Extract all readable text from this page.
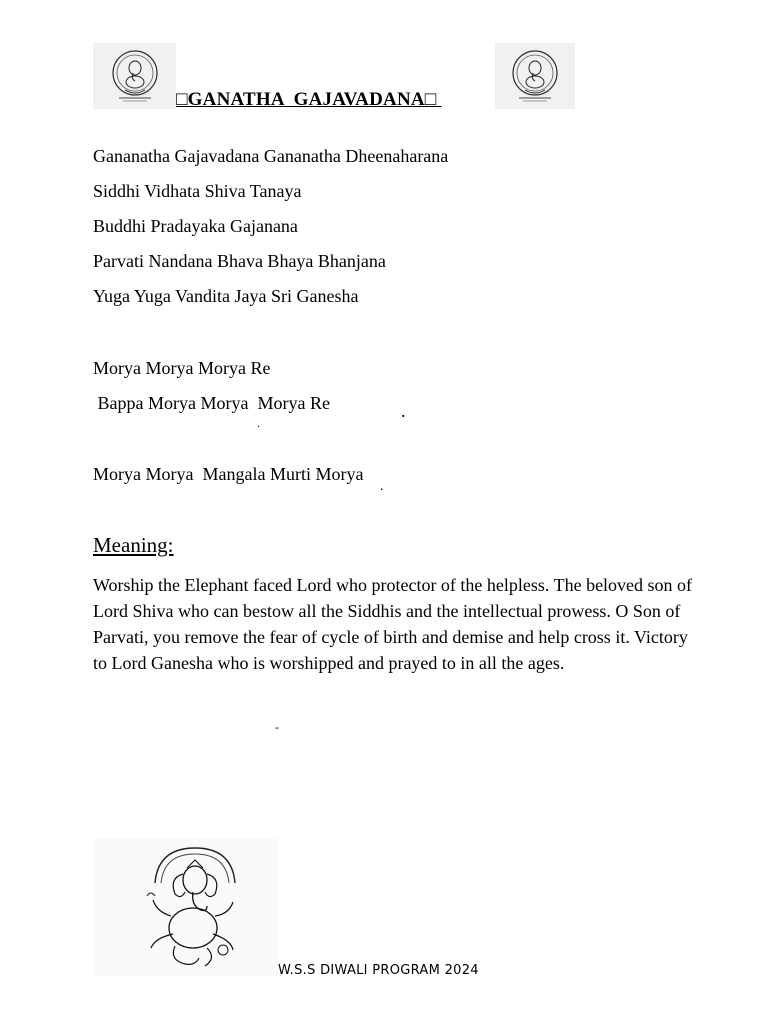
□GANATHA  GAJAVADANA□
Gananatha Gajavadana Gananatha Dheenaharana
Siddhi Vidhata Shiva Tanaya
Buddhi Pradayaka Gajanana
Parvati Nandana Bhava Bhaya Bhanjana
Yuga Yuga Vandita Jaya Sri Ganesha
Morya Morya Morya Re
Bappa Morya Morya  Morya Re
Morya Morya  Mangala Murti Morya
.
.
.
-
Meaning:
Worship the Elephant faced Lord who protector of the helpless. The beloved son of Lord Shiva who can bestow all the Siddhis and the intellectual prowess. O Son of Parvati, you remove the fear of cycle of birth and demise and help cross it. Victory to Lord Ganesha who is worshipped and prayed to in all the ages.
W.S.S DIWALI PROGRAM 2024
